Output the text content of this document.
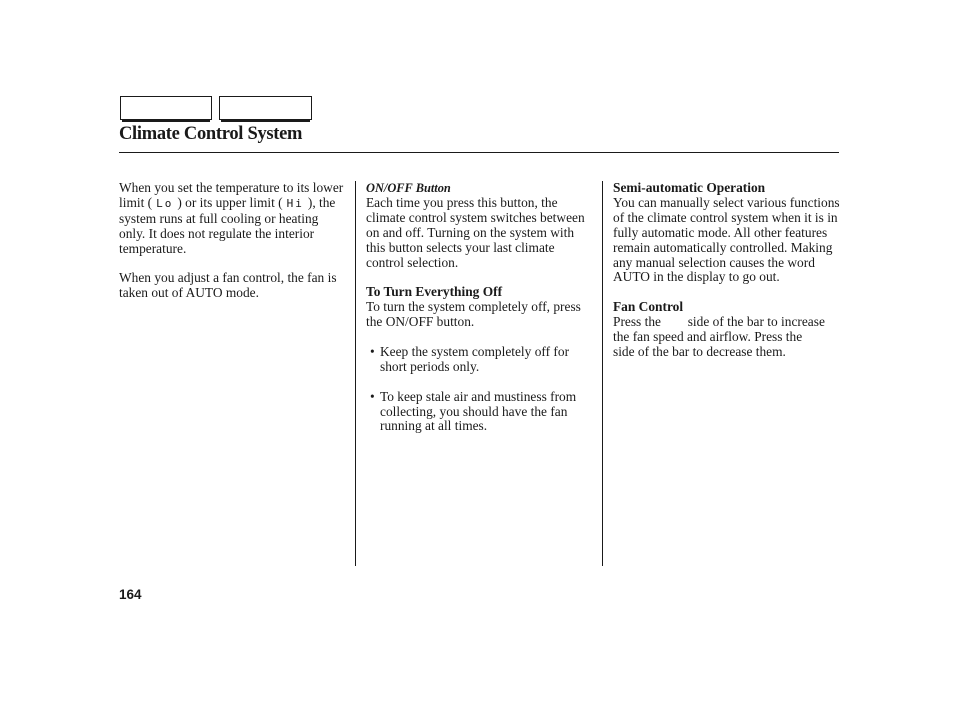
Climate Control System

When you set the temperature to its lower limit ( Lo ) or its upper limit ( Hi ), the system runs at full cooling or heating only. It does not regulate the interior temperature.

When you adjust a fan control, the fan is taken out of AUTO mode.

ON/OFF Button

Each time you press this button, the climate control system switches between on and off. Turning on the system with this button selects your last climate control selection.

To Turn Everything Off

To turn the system completely off, press the ON/OFF button.

• Keep the system completely off for short periods only.

• To keep stale air and mustiness from collecting, you should have the fan running at all times.

Semi-automatic Operation

You can manually select various functions of the climate control system when it is in fully automatic mode. All other features remain automatically controlled. Making any manual selection causes the word AUTO in the display to go out.

Fan Control

Press the side of the bar to increase the fan speed and airflow. Press the  side of the bar to decrease them.

164
